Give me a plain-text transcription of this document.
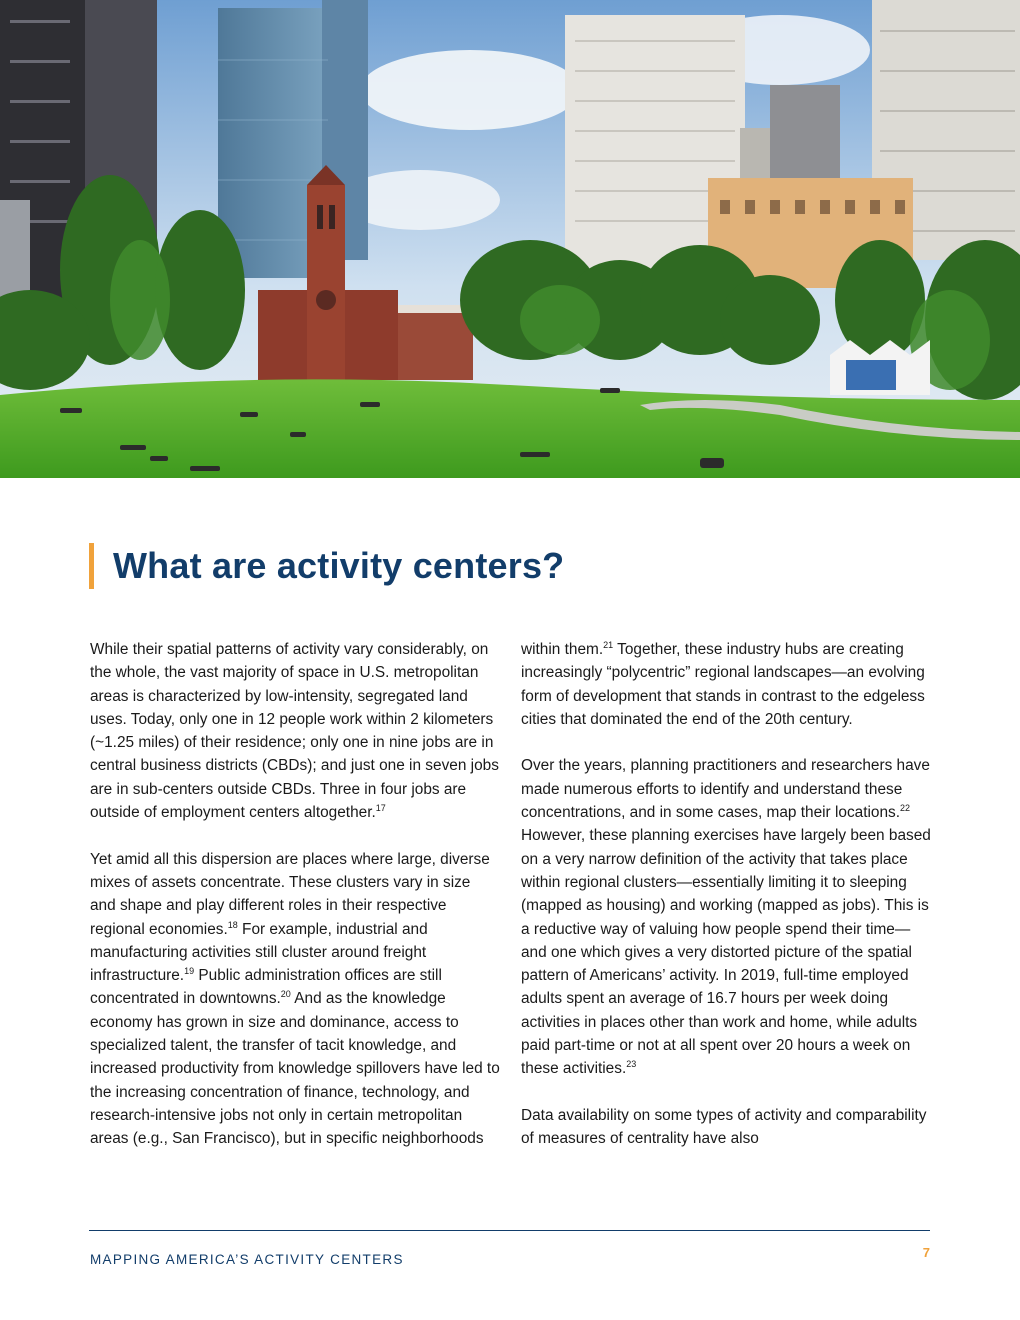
What are activity centers?

While their spatial patterns of activity vary considerably, on the whole, the vast majority of space in U.S. metropolitan areas is characterized by low-intensity, segregated land uses. Today, only one in 12 people work within 2 kilometers (~1.25 miles) of their residence; only one in nine jobs are in central business districts (CBDs); and just one in seven jobs are in sub-centers outside CBDs. Three in four jobs are outside of employment centers altogether.$^{17}$

Yet amid all this dispersion are places where large, diverse mixes of assets concentrate. These clusters vary in size and shape and play different roles in their respective regional economies.$^{18}$ For example, industrial and manufacturing activities still cluster around freight infrastructure.$^{19}$ Public administration offices are still concentrated in downtowns.$^{20}$ And as the knowledge economy has grown in size and dominance, access to specialized talent, the transfer of tacit knowledge, and increased productivity from knowledge spillovers have led to the increasing concentration of finance, technology, and research-intensive jobs not only in certain metropolitan areas (e.g., San Francisco), but in specific neighborhoods

within them.$^{21}$ Together, these industry hubs are creating increasingly “polycentric” regional landscapes—an evolving form of development that stands in contrast to the edgeless cities that dominated the end of the 20th century.

Over the years, planning practitioners and researchers have made numerous efforts to identify and understand these concentrations, and in some cases, map their locations.$^{22}$ However, these planning exercises have largely been based on a very narrow definition of the activity that takes place within regional clusters—essentially limiting it to sleeping (mapped as housing) and working (mapped as jobs). This is a reductive way of valuing how people spend their time—and one which gives a very distorted picture of the spatial pattern of Americans’ activity. In 2019, full-time employed adults spent an average of 16.7 hours per week doing activities in places other than work and home, while adults paid part-time or not at all spent over 20 hours a week on these activities.$^{23}$

Data availability on some types of activity and comparability of measures of centrality have also

MAPPING AMERICA’S ACTIVITY CENTERS	7
